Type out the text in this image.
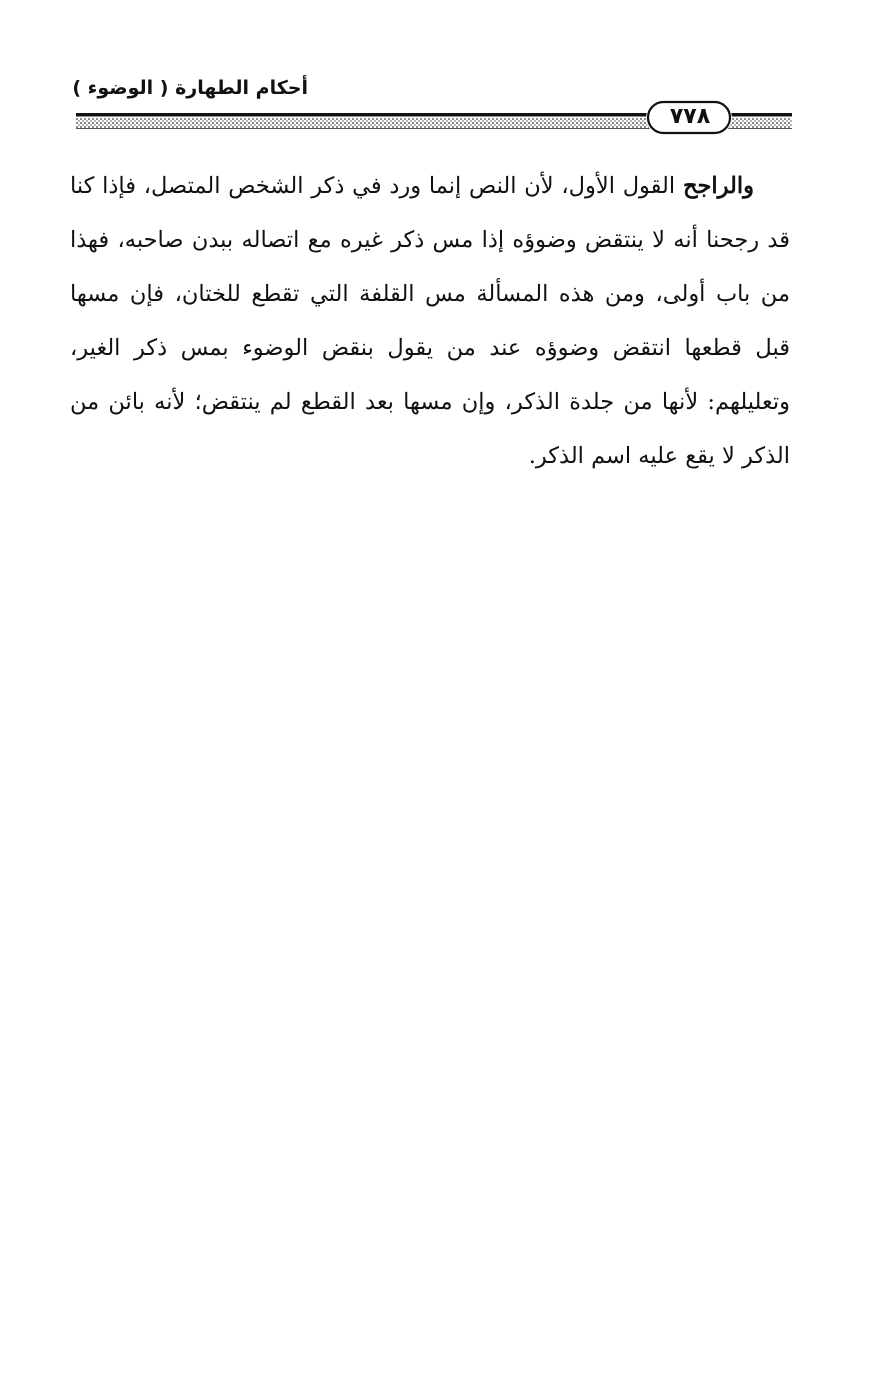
أحكام الطهارة ( الوضوء )
٧٧٨
والراجح القول الأول، لأن النص إنما ورد في ذكر الشخص المتصل، فإذا كنا قد رجحنا أنه لا ينتقض وضوؤه إذا مس ذكر غيره مع اتصاله ببدن صاحبه، فهذا من باب أولى، ومن هذه المسألة مس القلفة التي تقطع للختان، فإن مسها قبل قطعها انتقض وضوؤه عند من يقول بنقض الوضوء بمس ذكر الغير، وتعليلهم: لأنها من جلدة الذكر، وإن مسها بعد القطع لم ينتقض؛ لأنه بائن من الذكر لا يقع عليه اسم الذكر.
